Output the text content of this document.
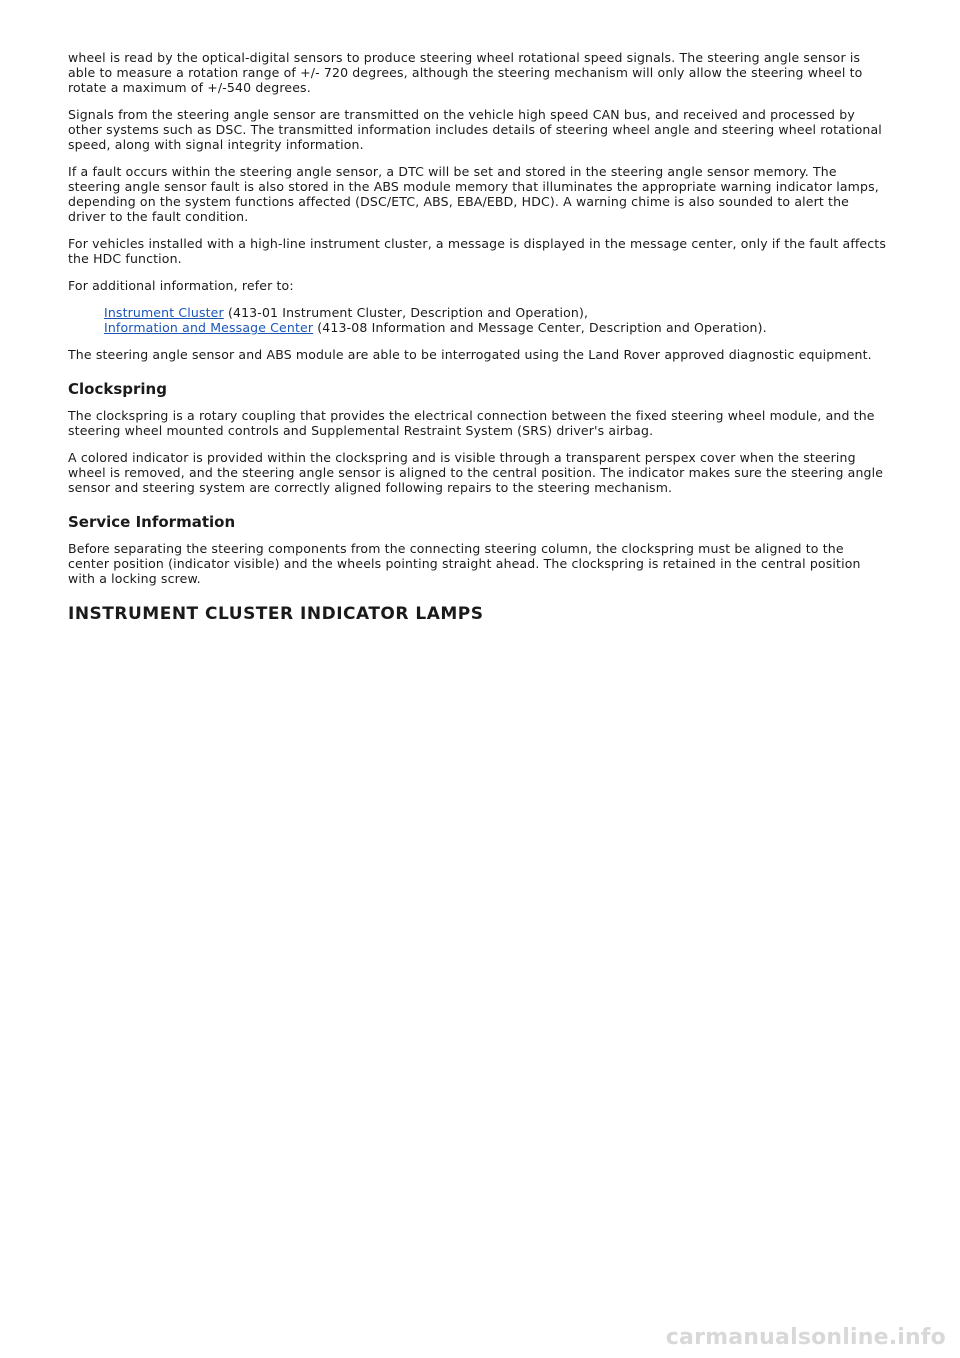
wheel is read by the optical-digital sensors to produce steering wheel rotational speed signals. The steering angle sensor is able to measure a rotation range of +/- 720 degrees, although the steering mechanism will only allow the steering wheel to rotate a maximum of +/-540 degrees.

Signals from the steering angle sensor are transmitted on the vehicle high speed CAN bus, and received and processed by other systems such as DSC. The transmitted information includes details of steering wheel angle and steering wheel rotational speed, along with signal integrity information.

If a fault occurs within the steering angle sensor, a DTC will be set and stored in the steering angle sensor memory. The steering angle sensor fault is also stored in the ABS module memory that illuminates the appropriate warning indicator lamps, depending on the system functions affected (DSC/ETC, ABS, EBA/EBD, HDC). A warning chime is also sounded to alert the driver to the fault condition.

For vehicles installed with a high-line instrument cluster, a message is displayed in the message center, only if the fault affects the HDC function.

For additional information, refer to:

Instrument Cluster (413-01 Instrument Cluster, Description and Operation),
Information and Message Center (413-08 Information and Message Center, Description and Operation).

The steering angle sensor and ABS module are able to be interrogated using the Land Rover approved diagnostic equipment.

Clockspring

The clockspring is a rotary coupling that provides the electrical connection between the fixed steering wheel module, and the steering wheel mounted controls and Supplemental Restraint System (SRS) driver's airbag.

A colored indicator is provided within the clockspring and is visible through a transparent perspex cover when the steering wheel is removed, and the steering angle sensor is aligned to the central position. The indicator makes sure the steering angle sensor and steering system are correctly aligned following repairs to the steering mechanism.

Service Information

Before separating the steering components from the connecting steering column, the clockspring must be aligned to the center position (indicator visible) and the wheels pointing straight ahead. The clockspring is retained in the central position with a locking screw.

INSTRUMENT CLUSTER INDICATOR LAMPS
carmanualsonline.info
